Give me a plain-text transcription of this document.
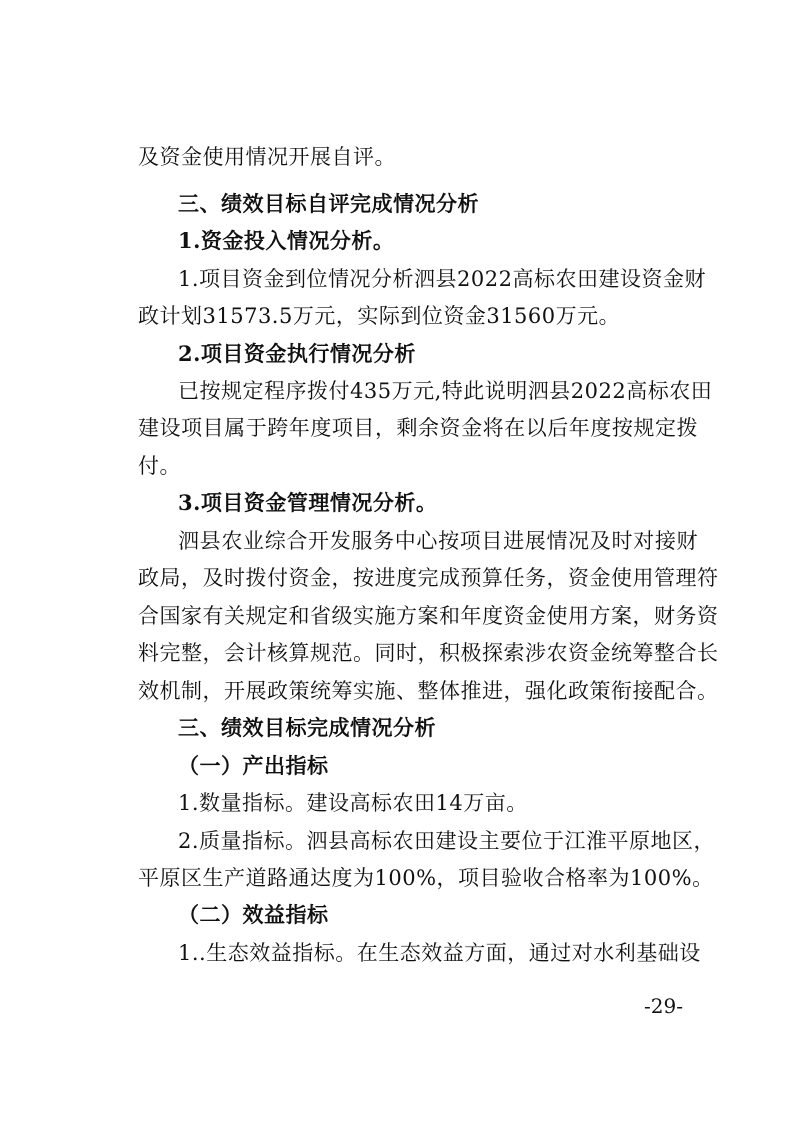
及资金使用情况开展自评。
三、绩效目标自评完成情况分析
1.资金投入情况分析。
1.项目资金到位情况分析泗县2022高标农田建设资金财
政计划31573.5万元，实际到位资金31560万元。
2.项目资金执行情况分析
已按规定程序拨付435万元,特此说明泗县2022高标农田
建设项目属于跨年度项目，剩余资金将在以后年度按规定拨
付。
3.项目资金管理情况分析。
泗县农业综合开发服务中心按项目进展情况及时对接财
政局，及时拨付资金，按进度完成预算任务，资金使用管理符
合国家有关规定和省级实施方案和年度资金使用方案，财务资
料完整，会计核算规范。同时，积极探索涉农资金统筹整合长
效机制，开展政策统筹实施、整体推进，强化政策衔接配合。
三、绩效目标完成情况分析
（一）产出指标
1.数量指标。建设高标农田14万亩。
2.质量指标。泗县高标农田建设主要位于江淮平原地区，
平原区生产道路通达度为100%，项目验收合格率为100%。
（二）效益指标
1..生态效益指标。在生态效益方面，通过对水利基础设
-29-
